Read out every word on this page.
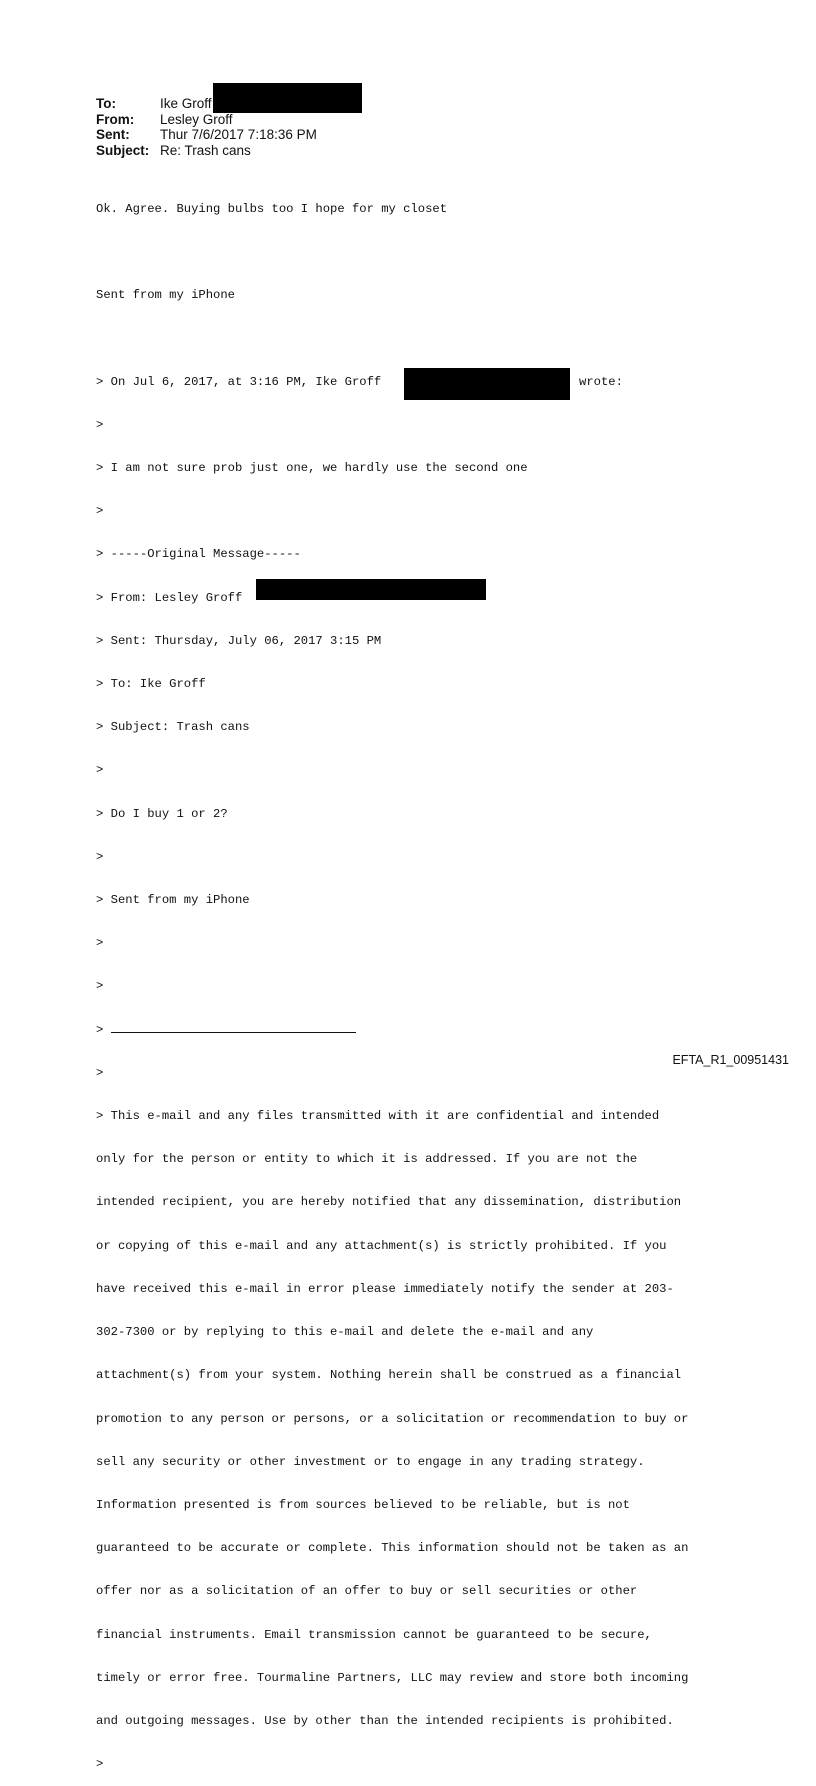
To:	Ike Groff
From:	Lesley Groff
Sent:	Thur 7/6/2017 7:18:36 PM
Subject: Re: Trash cans

Ok. Agree. Buying bulbs too I hope for my closet

Sent from my iPhone

> On Jul 6, 2017, at 3:16 PM, Ike Groff	wrote:

>

> I am not sure prob just one, we hardly use the second one

>

> -----Original Message-----

> From: Lesley Groff

> Sent: Thursday, July 06, 2017 3:15 PM

> To: Ike Groff

> Subject: Trash cans

>

> Do I buy 1 or 2?

>

> Sent from my iPhone

>

>

>

>

> This e-mail and any files transmitted with it are confidential and intended

only for the person or entity to which it is addressed. If you are not the

intended recipient, you are hereby notified that any dissemination, distribution

or copying of this e-mail and any attachment(s) is strictly prohibited. If you

have received this e-mail in error please immediately notify the sender at 203-

302-7300 or by replying to this e-mail and delete the e-mail and any

attachment(s) from your system. Nothing herein shall be construed as a financial

promotion to any person or persons, or a solicitation or recommendation to buy or

sell any security or other investment or to engage in any trading strategy.

Information presented is from sources believed to be reliable, but is not

guaranteed to be accurate or complete. This information should not be taken as an

offer nor as a solicitation of an offer to buy or sell securities or other

financial instruments. Email transmission cannot be guaranteed to be secure,

timely or error free. Tourmaline Partners, LLC may review and store both incoming

and outgoing messages. Use by other than the intended recipients is prohibited.

>

EFTA_R1_00951431
